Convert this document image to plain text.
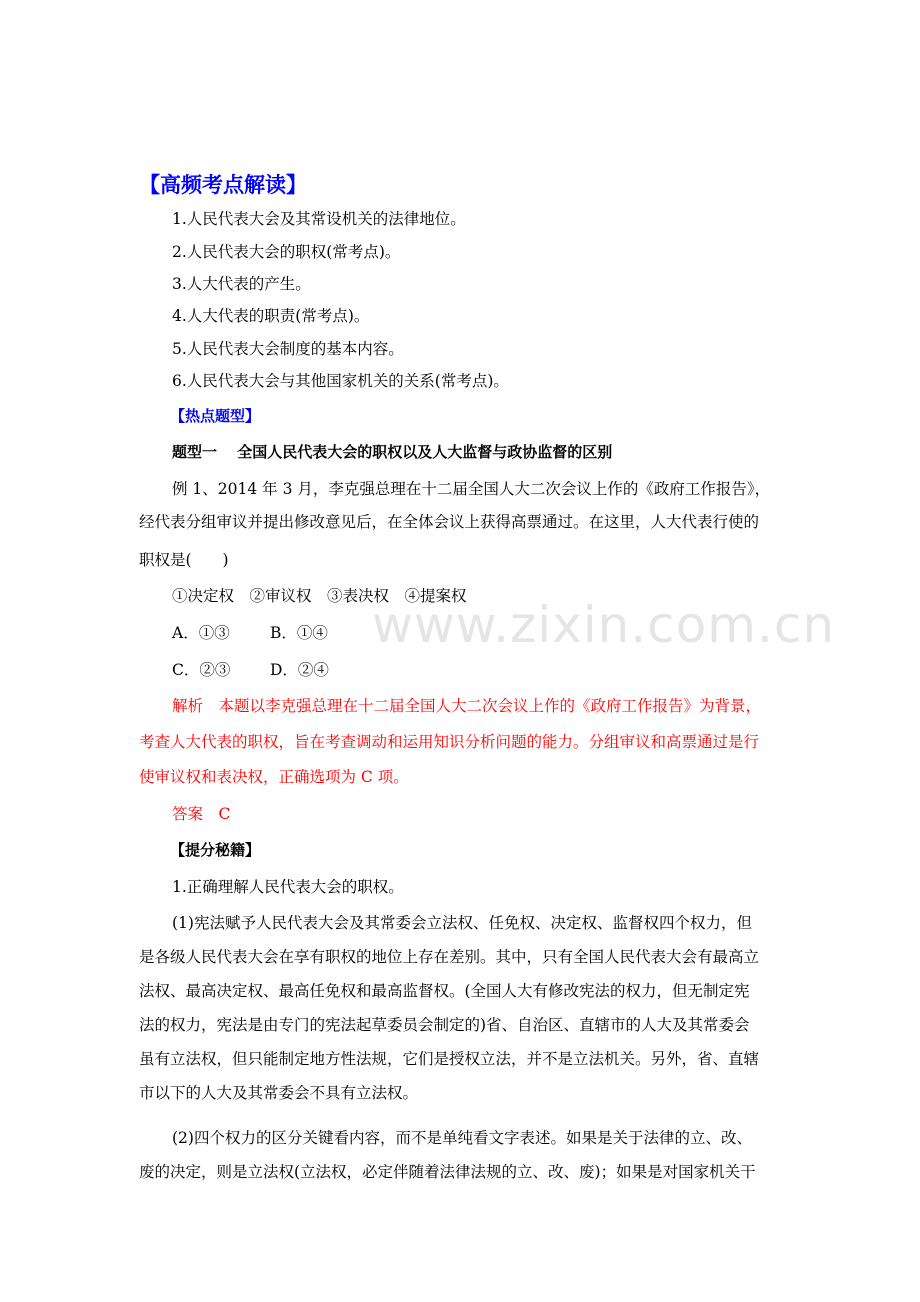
【高频考点解读】
1.人民代表大会及其常设机关的法律地位。
2.人民代表大会的职权(常考点)。
3.人大代表的产生。
4.人大代表的职责(常考点)。
5.人民代表大会制度的基本内容。
6.人民代表大会与其他国家机关的关系(常考点)。
【热点题型】
题型一　 全国人民代表大会的职权以及人大监督与政协监督的区别
例 1、2014 年 3 月，李克强总理在十二届全国人大二次会议上作的《政府工作报告》，
经代表分组审议并提出修改意见后，在全体会议上获得高票通过。在这里，人大代表行使的
职权是(　　)
①决定权　②审议权　③表决权　④提案权
A．①③	B．①④
C．②③	D．②④
解析　本题以李克强总理在十二届全国人大二次会议上作的《政府工作报告》为背景，
考查人大代表的职权，旨在考查调动和运用知识分析问题的能力。分组审议和高票通过是行
使审议权和表决权，正确选项为 C 项。
答案　C
【提分秘籍】
1.正确理解人民代表大会的职权。
(1)宪法赋予人民代表大会及其常委会立法权、任免权、决定权、监督权四个权力，但
是各级人民代表大会在享有职权的地位上存在差别。其中，只有全国人民代表大会有最高立
法权、最高决定权、最高任免权和最高监督权。(全国人大有修改宪法的权力，但无制定宪
法的权力，宪法是由专门的宪法起草委员会制定的)省、自治区、直辖市的人大及其常委会
虽有立法权，但只能制定地方性法规，它们是授权立法，并不是立法机关。另外，省、直辖
市以下的人大及其常委会不具有立法权。
(2)四个权力的区分关键看内容，而不是单纯看文字表述。如果是关于法律的立、改、
废的决定，则是立法权(立法权，必定伴随着法律法规的立、改、废)；如果是对国家机关干
www.zixin.com.cn
